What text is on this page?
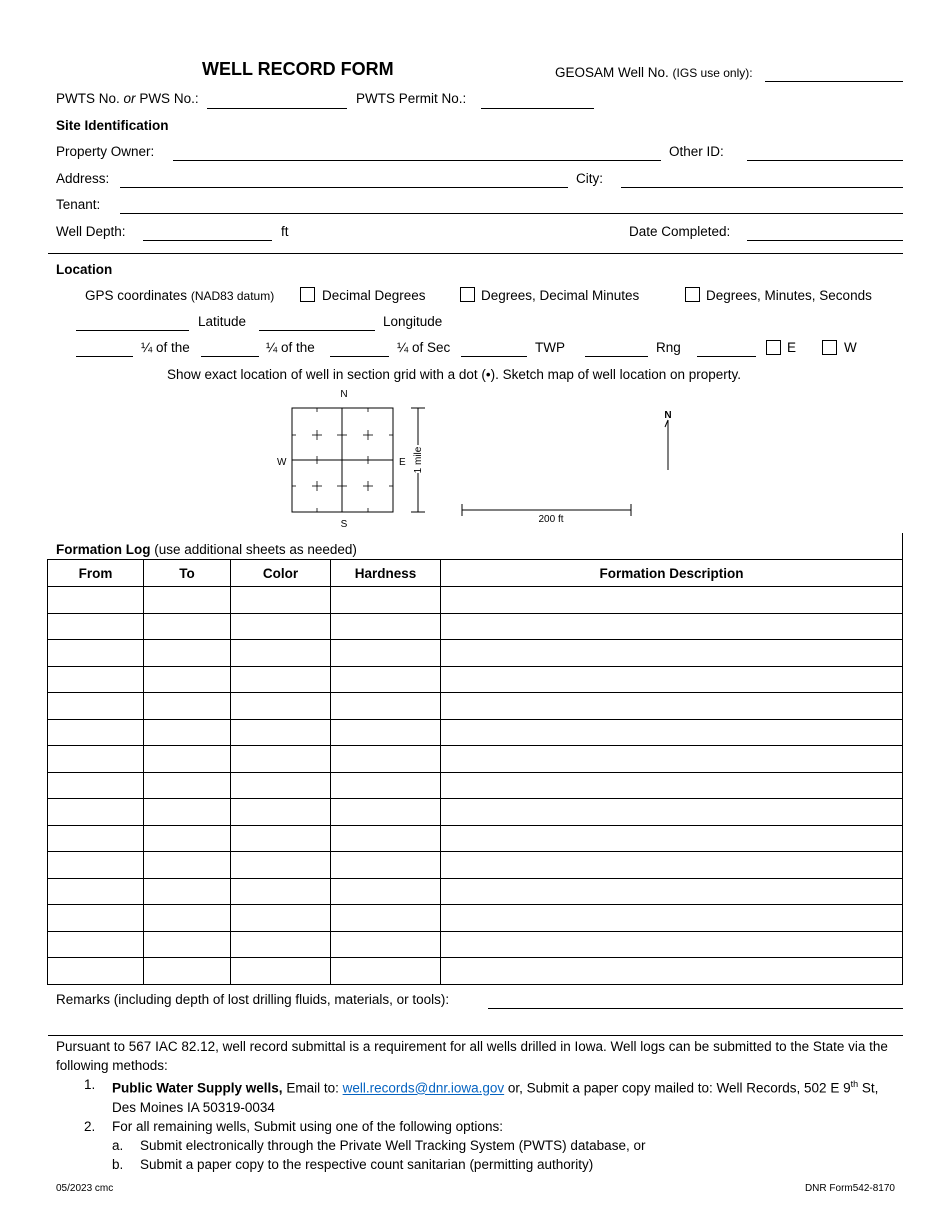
WELL RECORD FORM	GEOSAM Well No. (IGS use only):
PWTS No. or PWS No.:	PWTS Permit No.:
Site Identification
Property Owner:	Other ID:
Address:	City:
Tenant:
Well Depth:	ft	Date Completed:
Location
GPS coordinates (NAD83 datum)	Decimal Degrees	Degrees, Decimal Minutes	Degrees, Minutes, Seconds
Latitude	Longitude
¼ of the	¼ of the	¼ of Sec	TWP	Rng	E	W
Show exact location of well in section grid with a dot (•). Sketch map of well location on property.
N
S
W	E 1 mile
N
200 ft
Formation Log (use additional sheets as needed)
From	To	Color	Hardness	Formation Description

Remarks (including depth of lost drilling fluids, materials, or tools):
Pursuant to 567 IAC 82.12, well record submittal is a requirement for all wells drilled in Iowa. Well logs can be submitted to the State via the following methods:
1. Public Water Supply wells, Email to: well.records@dnr.iowa.gov or, Submit a paper copy mailed to: Well Records, 502 E 9th St, Des Moines IA 50319-0034
2. For all remaining wells, Submit using one of the following options:
a. Submit electronically through the Private Well Tracking System (PWTS) database, or
b. Submit a paper copy to the respective count sanitarian (permitting authority)
05/2023 cmc	DNR Form542-8170
